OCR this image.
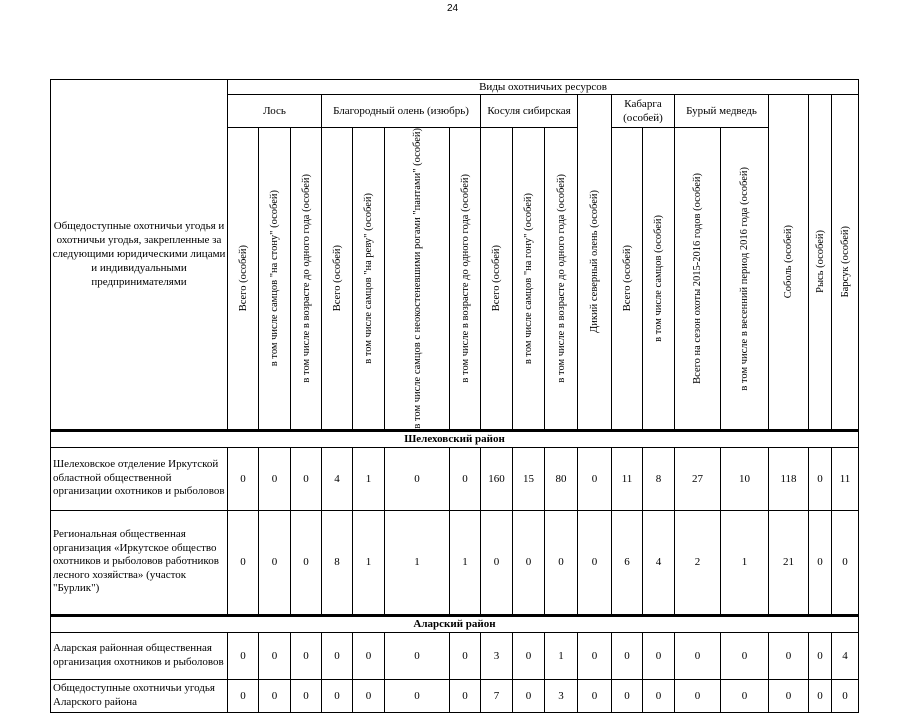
24
Общедоступные охотничьи угодья и охотничьи угодья, закрепленные за следующими юридическими лицами и индивидуальными предпринимателями	Виды охотничьих ресурсов																	
	Лось			Благородный олень (изюбрь)				Косуля сибирская			Дикий северный олень (особей)	Кабарга (особей)		Бурый медведь		Соболь (особей)	Рысь (особей)	Барсук (особей)

	Всего (особей)	в том числе самцов "на стону" (особей)	в том числе в возрасте до одного года (особей)	Всего (особей)	в том числе самцов "на реву" (особей)	в том числе самцов с неокостеневшими рогами "пантами" (особей)	в том числе в возрасте до одного года (особей)	Всего (особей)	в том числе самцов "на гону" (особей)	в том числе в возрасте до одного года (особей)		Всего (особей)	в том числе самцов (особей)	Всего на сезон охоты 2015-2016 годов (особей)	в том числе в весенний период 2016 года (особей)			

Шелеховский район																		
Шелеховское отделение Иркутской областной общественной организации охотников и рыболовов	0	0	0	4	1	0	0	160	15	80	0	11	8	27	10	118	0	11
Региональная общественная организация «Иркутское общество охотников и рыболовов работников лесного хозяйства» (участок "Бурлик")	0	0	0	8	1	1	1	0	0	0	0	6	4	2	1	21	0	0
Аларский район																		
Аларская районная общественная организация охотников и рыболовов	0	0	0	0	0	0	0	3	0	1	0	0	0	0	0	0	0	4
Общедоступные охотничьи угодья Аларского района	0	0	0	0	0	0	0	7	0	3	0	0	0	0	0	0	0	0
